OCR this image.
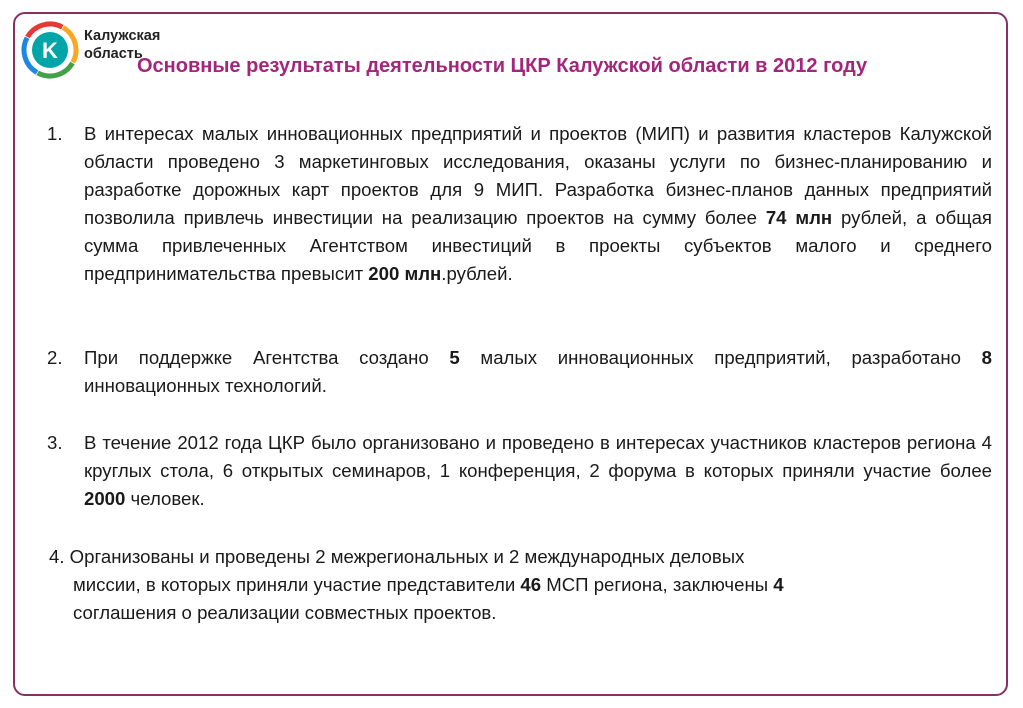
K
Калужская
область
Основные результаты деятельности ЦКР Калужской области в 2012 году
1. В интересах малых инновационных предприятий и проектов (МИП) и развития кластеров Калужской области проведено 3 маркетинговых исследования, оказаны услуги по бизнес-планированию и разработке дорожных карт проектов для 9 МИП. Разработка бизнес-планов данных предприятий позволила привлечь инвестиции на реализацию проектов на сумму более 74 млн рублей, а общая сумма привлеченных Агентством инвестиций в проекты субъектов малого и среднего предпринимательства превысит 200 млн.рублей.
2. При поддержке Агентства создано 5 малых инновационных предприятий, разработано 8 инновационных технологий.
3. В течение 2012 года ЦКР было организовано и проведено в интересах участников кластеров региона 4 круглых стола, 6 открытых семинаров, 1 конференция, 2 форума в которых приняли участие более 2000 человек.
4. Организованы и проведены 2 межрегиональных и 2 международных деловых
миссии, в которых приняли участие представители 46 МСП региона, заключены 4
соглашения о реализации совместных проектов.
